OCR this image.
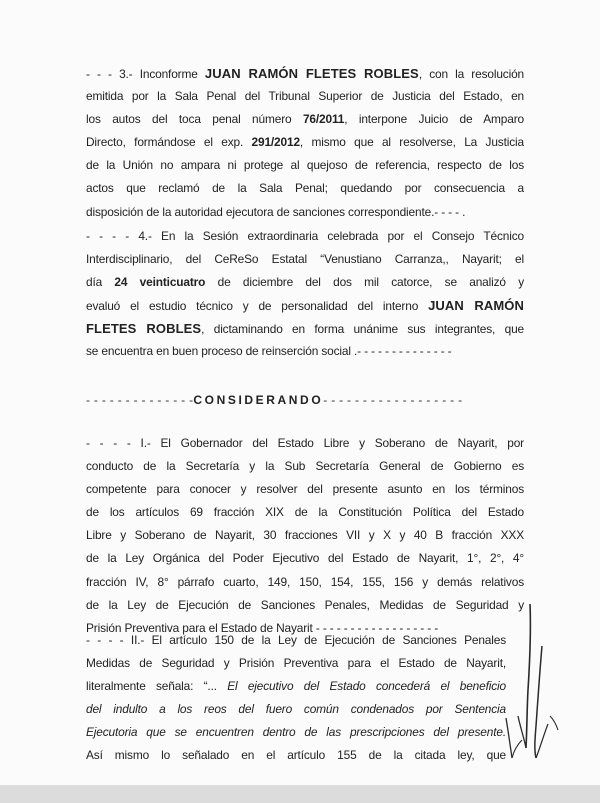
- - - 3.- Inconforme JUAN RAMÓN FLETES ROBLES, con la resolución
emitida por la Sala Penal del Tribunal Superior de Justicia del Estado, en
los autos del toca penal número 76/2011, interpone Juicio de Amparo
Directo, formándose el exp. 291/2012, mismo que al resolverse, La Justicia
de la Unión no ampara ni protege al quejoso de referencia, respecto de los
actos que reclamó de la Sala Penal; quedando por consecuencia a
disposición de la autoridad ejecutora de sanciones correspondiente.- - - - .
- - - - 4.- En la Sesión extraordinaria celebrada por el Consejo Técnico
Interdisciplinario, del CeReSo Estatal “Venustiano Carranza,, Nayarit; el
día 24 veinticuatro de diciembre del dos mil catorce, se analizó y
evaluó el estudio técnico y de personalidad del interno JUAN RAMÓN
FLETES ROBLES, dictaminando en forma unánime sus integrantes, que
se encuentra en buen proceso de reinserción social .- - - - - - - - - - - - - -
- - - - - - - - - - - - - -CONSIDERANDO- - - - - - - - - - - - - - - - - -
- - - - I.- El Gobernador del Estado Libre y Soberano de Nayarit, por
conducto de la Secretaría y la Sub Secretaría General de Gobierno es
competente para conocer y resolver del presente asunto en los términos
de los artículos 69 fracción XIX de la Constitución Política del Estado
Libre y Soberano de Nayarit, 30 fracciones VII y X y 40 B fracción XXX
de la Ley Orgánica del Poder Ejecutivo del Estado de Nayarit, 1°, 2°, 4°
fracción IV, 8° párrafo cuarto, 149, 150, 154, 155, 156 y demás relativos
de la Ley de Ejecución de Sanciones Penales, Medidas de Seguridad y
Prisión Preventiva para el Estado de Nayarit - - - - - - - - - - - - - - - - - -
- - - - II.- El artículo 150 de la Ley de Ejecución de Sanciones Penales
Medidas de Seguridad y Prisión Preventiva para el Estado de Nayarit,
literalmente señala: “... El ejecutivo del Estado concederá el beneficio
del indulto a los reos del fuero común condenados por Sentencia
Ejecutoria que se encuentren dentro de las prescripciones del presente.
Así mismo lo señalado en el artículo 155 de la citada ley, que
